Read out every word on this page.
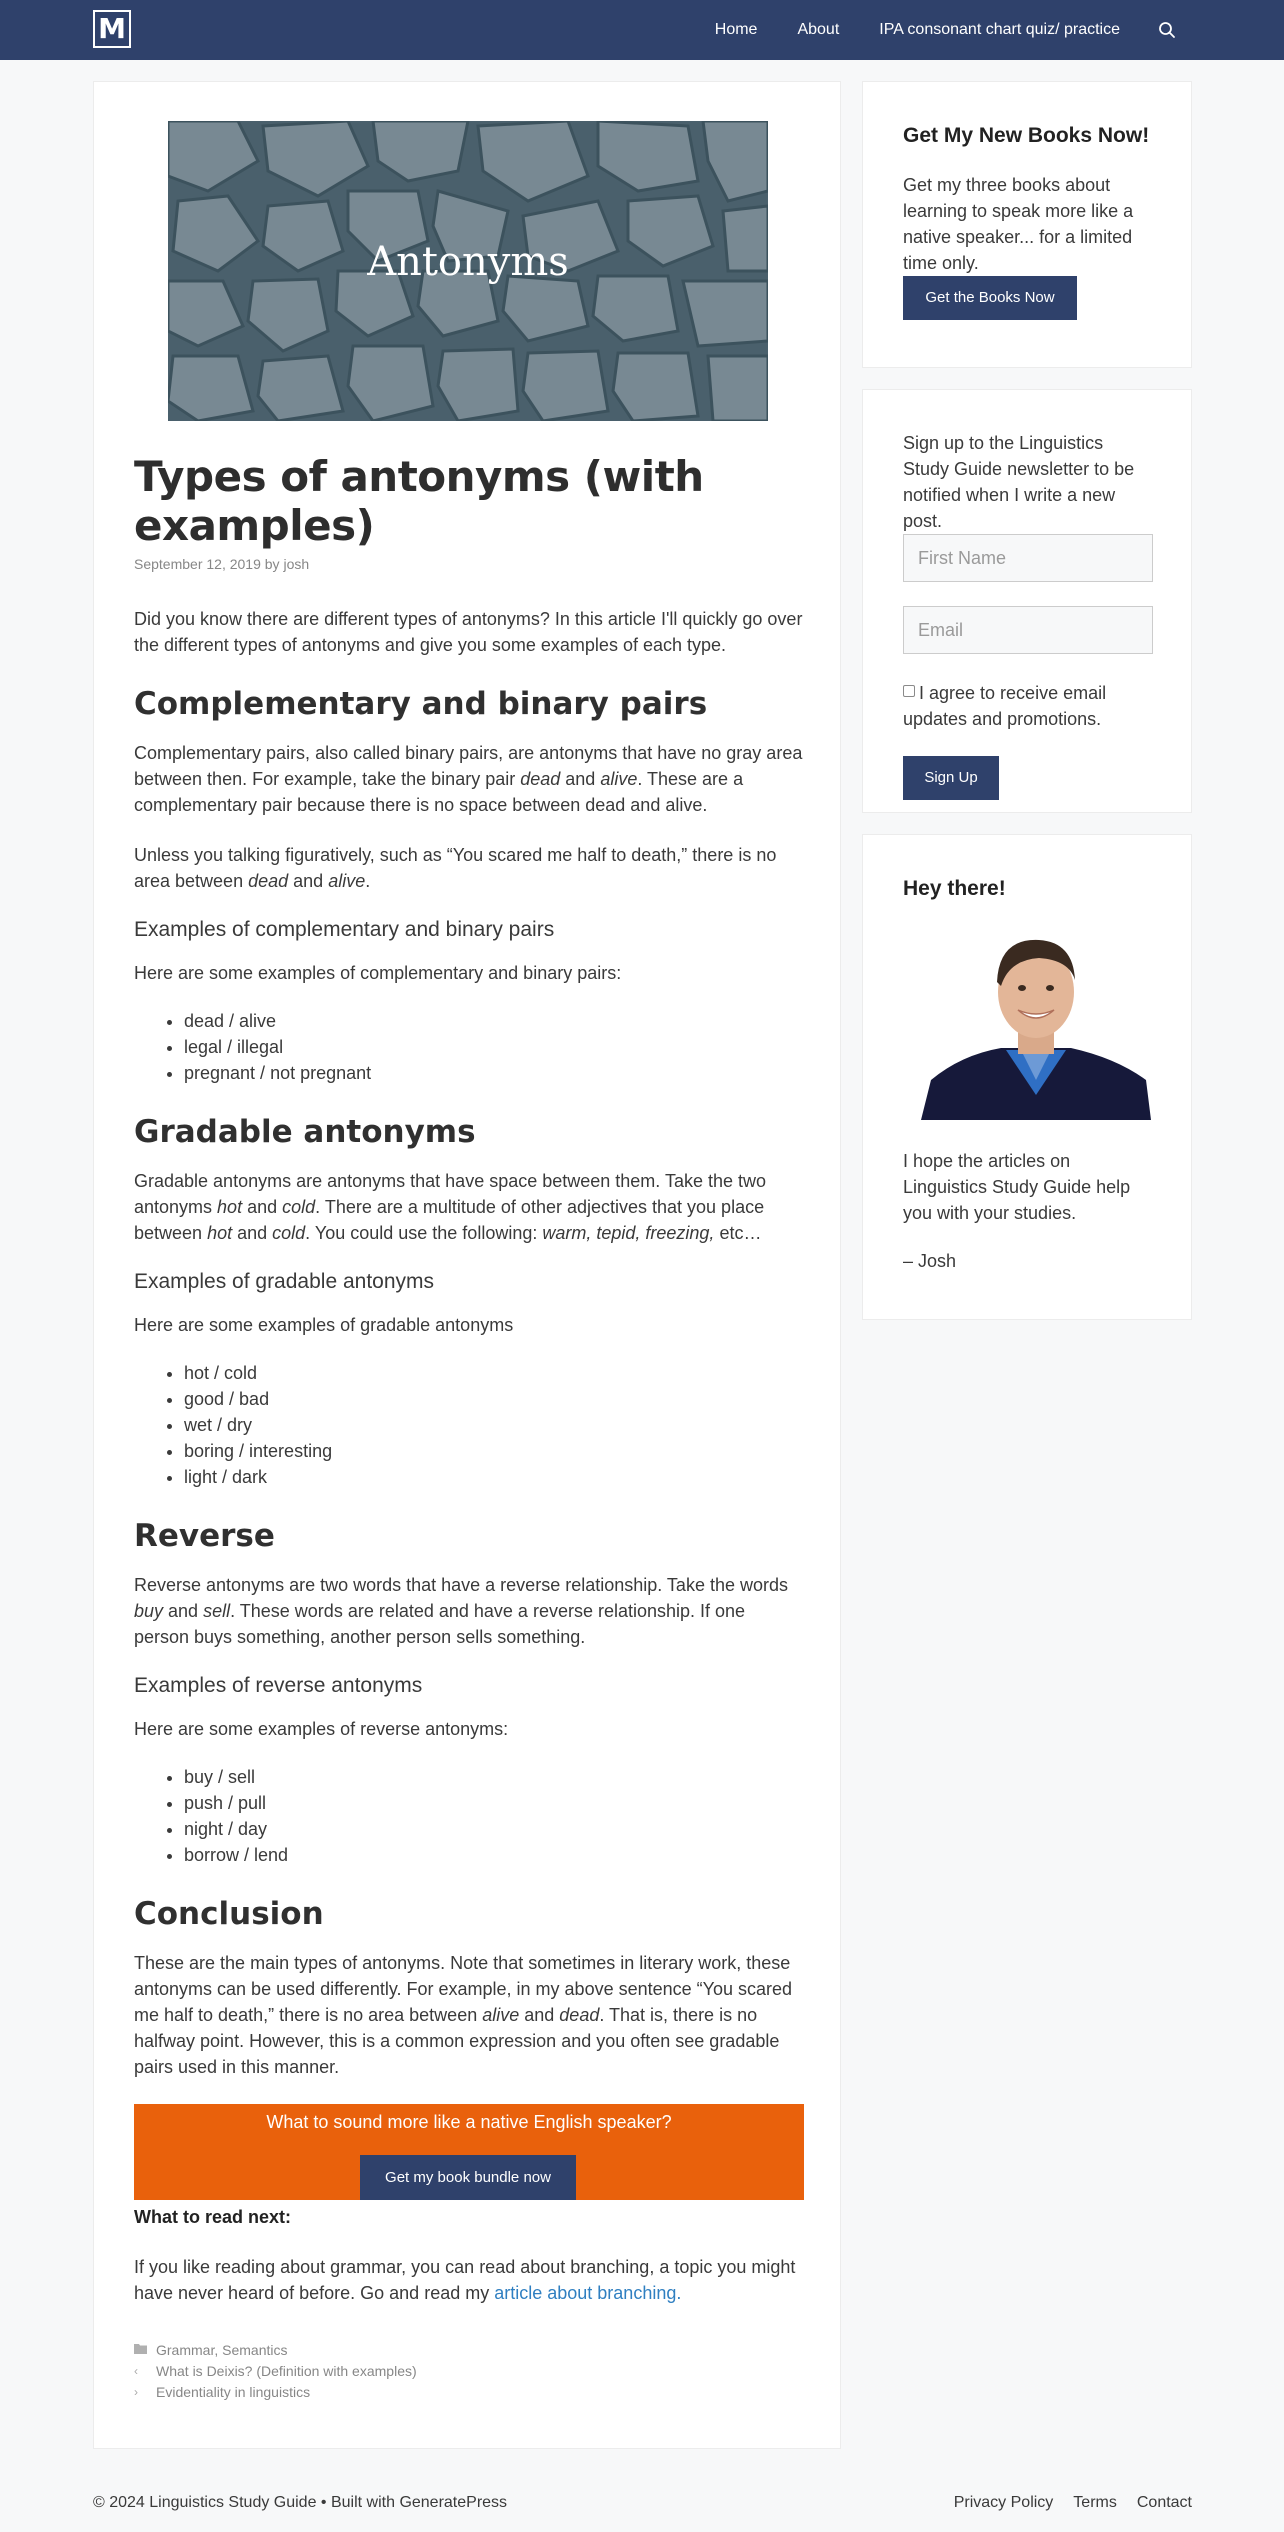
M	Home	About	IPA consonant chart quiz/ practice
Antonyms
Types of antonyms (with examples)
September 12, 2019 by josh

Did you know there are different types of antonyms? In this article I'll quickly go over the different types of antonyms and give you some examples of each type.

Complementary and binary pairs

Complementary pairs, also called binary pairs, are antonyms that have no gray area between then. For example, take the binary pair dead and alive. These are a complementary pair because there is no space between dead and alive.

Unless you talking figuratively, such as “You scared me half to death,” there is no area between dead and alive.

Examples of complementary and binary pairs

Here are some examples of complementary and binary pairs:

• dead / alive
• legal / illegal
• pregnant / not pregnant
Gradable antonyms

Gradable antonyms are antonyms that have space between them. Take the two antonyms hot and cold. There are a multitude of other adjectives that you place between hot and cold. You could use the following: warm, tepid, freezing, etc…

Examples of gradable antonyms

Here are some examples of gradable antonyms

• hot / cold
• good / bad
• wet / dry
• boring / interesting
• light / dark
Reverse

Reverse antonyms are two words that have a reverse relationship. Take the words buy and sell. These words are related and have a reverse relationship. If one person buys something, another person sells something.

Examples of reverse antonyms

Here are some examples of reverse antonyms:

• buy / sell
• push / pull
• night / day
• borrow / lend
Conclusion

These are the main types of antonyms. Note that sometimes in literary work, these antonyms can be used differently. For example, in my above sentence “You scared me half to death,” there is no area between alive and dead. That is, there is no halfway point. However, this is a common expression and you often see gradable pairs used in this manner.

What to sound more like a native English speaker?
Get my book bundle now
What to read next:

If you like reading about grammar, you can read about branching, a topic you might have never heard of before. Go and read my article about branching.

Grammar, Semantics
‹	What is Deixis? (Definition with examples)
›	Evidentiality in linguistics
Get My New Books Now!

Get my three books about learning to speak more like a native speaker... for a limited time only.

Get the Books Now

Sign up to the Linguistics Study Guide newsletter to be notified when I write a new post.

First Name
Email
I agree to receive email updates and promotions.
Sign Up
Hey there!

I hope the articles on Linguistics Study Guide help you with your studies.

– Josh

© 2024 Linguistics Study Guide • Built with GeneratePress	Privacy Policy Terms Contact
